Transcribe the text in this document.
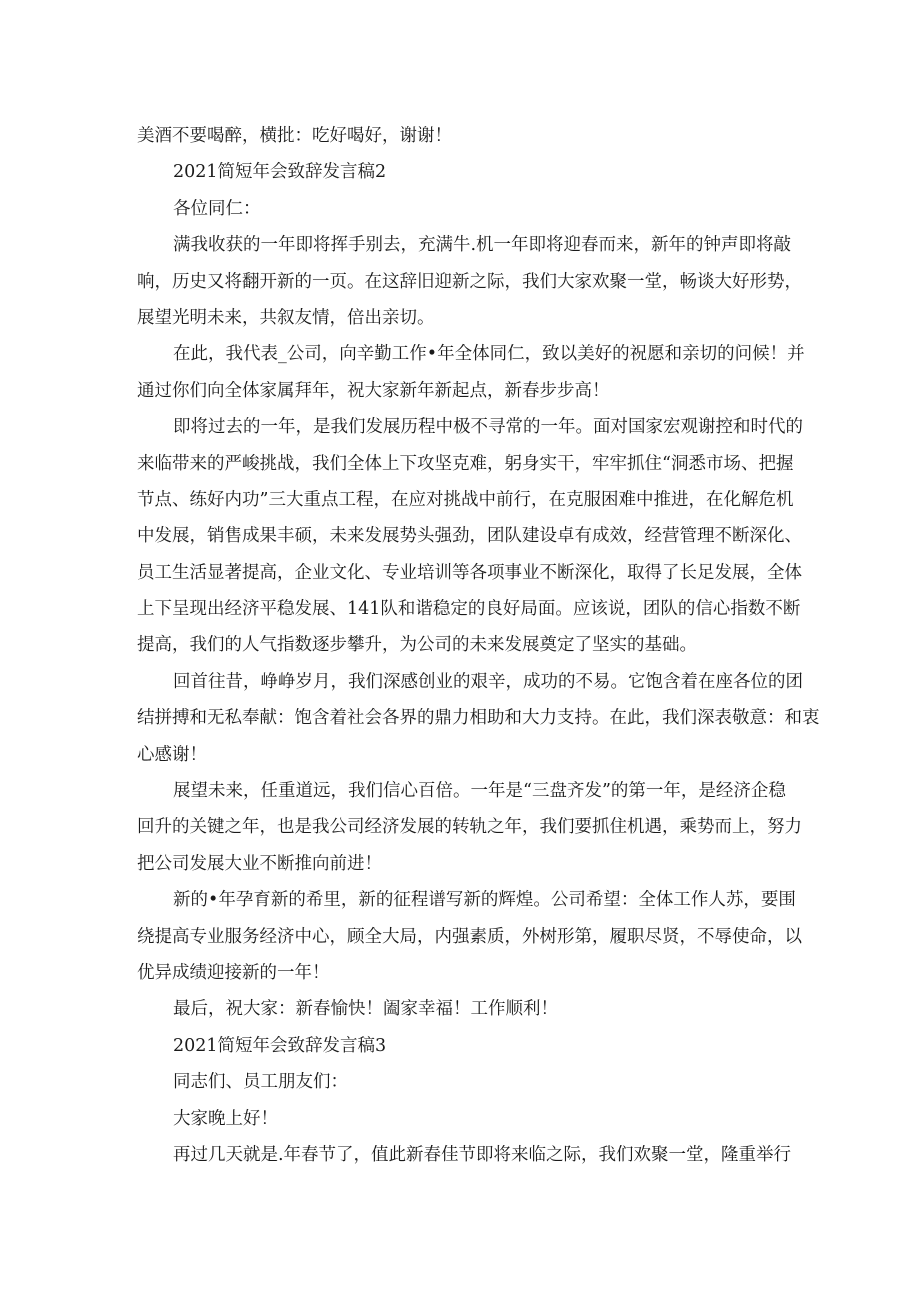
美酒不要喝醉，横批：吃好喝好，谢谢！
2021简短年会致辞发言稿2
各位同仁：
满我收获的一年即将挥手别去，充满牛.机一年即将迎春而来，新年的钟声即将敲
响，历史又将翻开新的一页。在这辞旧迎新之际，我们大家欢聚一堂，畅谈大好形势，
展望光明未来，共叙友情，倍出亲切。
在此，我代表_公司，向辛勤工作•年全体同仁，致以美好的祝愿和亲切的问候！并
通过你们向全体家属拜年，祝大家新年新起点，新春步步高！
即将过去的一年，是我们发展历程中极不寻常的一年。面对国家宏观谢控和时代的
来临带来的严峻挑战，我们全体上下攻坚克难，躬身实干，牢牢抓住“洞悉市场、把握
节点、练好内功”三大重点工程，在应对挑战中前行，在克服困难中推进，在化解危机
中发展，销售成果丰硕，未来发展势头强劲，团队建设卓有成效，经营管理不断深化、
员工生活显著提高，企业文化、专业培训等各项事业不断深化，取得了长足发展，全体
上下呈现出经济平稳发展、141队和谐稳定的良好局面。应该说，团队的信心指数不断
提高，我们的人气指数逐步攀升，为公司的未来发展奠定了坚实的基础。
回首往昔，峥峥岁月，我们深感创业的艰辛，成功的不易。它饱含着在座各位的团
结拼搏和无私奉献：饱含着社会各界的鼎力相助和大力支持。在此，我们深表敬意：和衷
心感谢！
展望未来，任重道远，我们信心百倍。一年是“三盘齐发”的第一年，是经济企稳
回升的关键之年，也是我公司经济发展的转轨之年，我们要抓住机遇，乘势而上，努力
把公司发展大业不断推向前进！
新的•年孕育新的希里，新的征程谱写新的辉煌。公司希望：全体工作人苏，要围
绕提高专业服务经济中心，顾全大局，内强素质，外树形第，履职尽贤，不辱使命，以
优异成绩迎接新的一年！
最后，祝大家：新春愉快！阖家幸福！工作顺利！
2021简短年会致辞发言稿3
同志们、员工朋友们：
大家晚上好！
再过几天就是.年春节了，值此新春佳节即将来临之际，我们欢聚一堂，隆重举行
